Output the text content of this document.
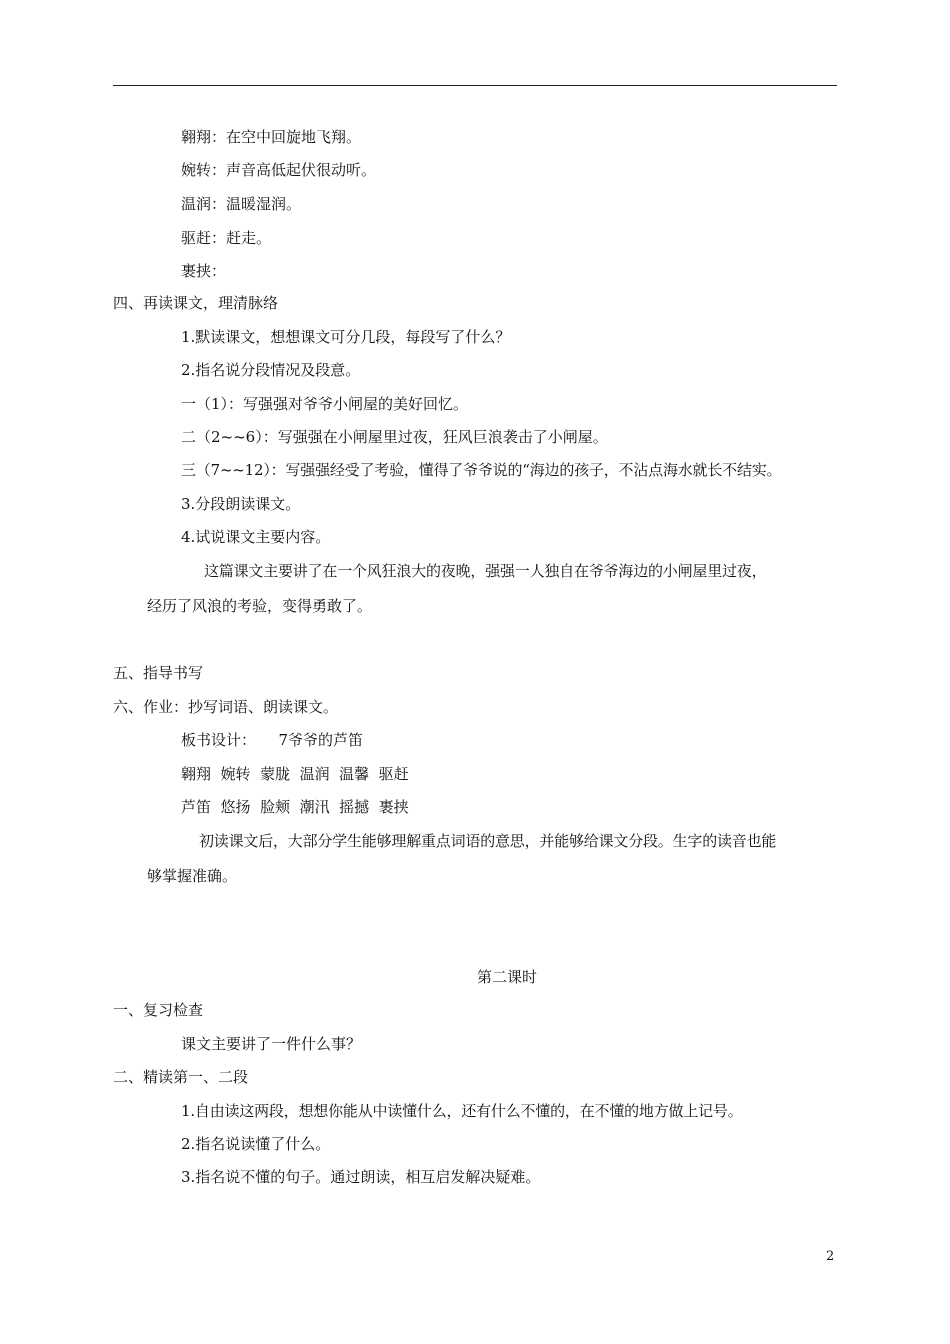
翱翔：在空中回旋地飞翔。
婉转：声音高低起伏很动听。
温润：温暖湿润。
驱赶：赶走。
裹挟：
四、再读课文，理清脉络
1.默读课文，想想课文可分几段，每段写了什么？
2.指名说分段情况及段意。
一（1）：写强强对爷爷小闸屋的美好回忆。
二（2~~6）：写强强在小闸屋里过夜，狂风巨浪袭击了小闸屋。
三（7~~12）：写强强经受了考验，懂得了爷爷说的“海边的孩子，不沾点海水就长不结实。
3.分段朗读课文。
4.试说课文主要内容。
这篇课文主要讲了在一个风狂浪大的夜晚，强强一人独自在爷爷海边的小闸屋里过夜，
经历了风浪的考验，变得勇敢了。
五、指导书写
六、作业：抄写词语、朗读课文。
板书设计：　　7爷爷的芦笛
翱翔  婉转  蒙胧  温润  温馨  驱赶
芦笛  悠扬  脸颊  潮汛  摇撼  裹挟
初读课文后，大部分学生能够理解重点词语的意思，并能够给课文分段。生字的读音也能
够掌握准确。
第二课时
一、复习检查
课文主要讲了一件什么事？
二、精读第一、二段
1.自由读这两段，想想你能从中读懂什么，还有什么不懂的，在不懂的地方做上记号。
2.指名说读懂了什么。
3.指名说不懂的句子。通过朗读，相互启发解决疑难。
2
